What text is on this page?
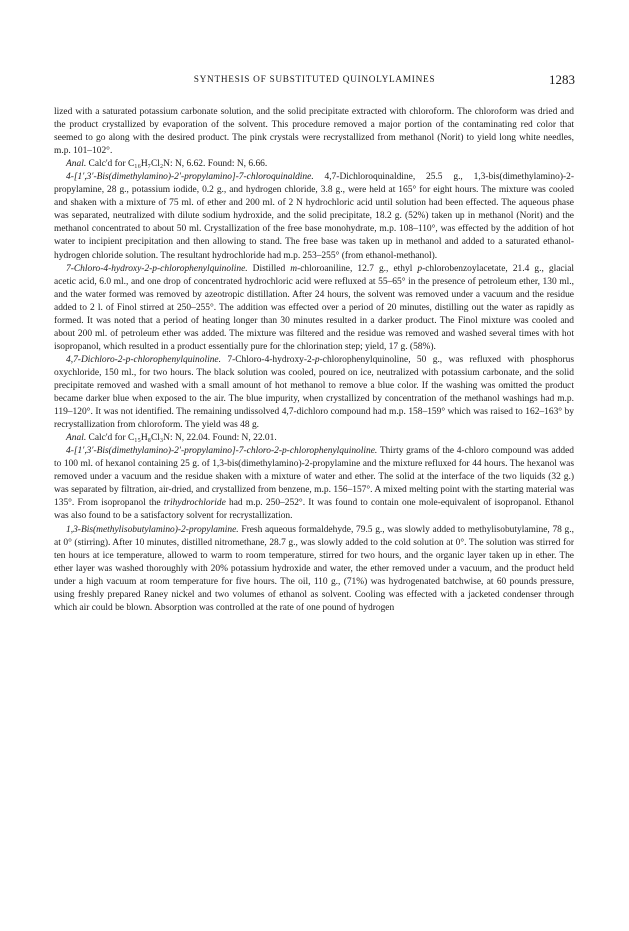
SYNTHESIS OF SUBSTITUTED QUINOLYLAMINES	1283

lized with a saturated potassium carbonate solution, and the solid precipitate extracted with chloroform. The chloroform was dried and the product crystallized by evaporation of the solvent. This procedure removed a major portion of the contaminating red color that seemed to go along with the desired product. The pink crystals were recrystallized from methanol (Norit) to yield long white needles, m.p. 101–102°.

Anal. Calc'd for C₁₆H₇Cl₂N: N, 6.62. Found: N, 6.66.

4-[1′,3′-Bis(dimethylamino)-2′-propylamino]-7-chloroquinaldine. 4,7-Dichloroquinaldine, 25.5 g., 1,3-bis(dimethylamino)-2-propylamine, 28 g., potassium iodide, 0.2 g., and hydrogen chloride, 3.8 g., were held at 165° for eight hours. The mixture was cooled and shaken with a mixture of 75 ml. of ether and 200 ml. of 2 N hydrochloric acid until solution had been effected. The aqueous phase was separated, neutralized with dilute sodium hydroxide, and the solid precipitate, 18.2 g. (52%) taken up in methanol (Norit) and the methanol concentrated to about 50 ml. Crystallization of the free base monohydrate, m.p. 108–110°, was effected by the addition of hot water to incipient precipitation and then allowing to stand. The free base was taken up in methanol and added to a saturated ethanol-hydrogen chloride solution. The resultant hydrochloride had m.p. 253–255° (from ethanol-methanol).

7-Chloro-4-hydroxy-2-p-chlorophenylquinoline. Distilled m-chloroaniline, 12.7 g., ethyl p-chlorobenzoylacetate, 21.4 g., glacial acetic acid, 6.0 ml., and one drop of concentrated hydrochloric acid were refluxed at 55–65° in the presence of petroleum ether, 130 ml., and the water formed was removed by azeotropic distillation. After 24 hours, the solvent was removed under a vacuum and the residue added to 2 l. of Finol stirred at 250–255°. The addition was effected over a period of 20 minutes, distilling out the water as rapidly as formed. It was noted that a period of heating longer than 30 minutes resulted in a darker product. The Finol mixture was cooled and about 200 ml. of petroleum ether was added. The mixture was filtered and the residue was removed and washed several times with hot isopropanol, which resulted in a product essentially pure for the chlorination step; yield, 17 g. (58%).

4,7-Dichloro-2-p-chlorophenylquinoline. 7-Chloro-4-hydroxy-2-p-chlorophenylquinoline, 50 g., was refluxed with phosphorus oxychloride, 150 ml., for two hours. The black solution was cooled, poured on ice, neutralized with potassium carbonate, and the solid precipitate removed and washed with a small amount of hot methanol to remove a blue color. If the washing was omitted the product became darker blue when exposed to the air. The blue impurity, when crystallized by concentration of the methanol washings had m.p. 119–120°. It was not identified. The remaining undissolved 4,7-dichloro compound had m.p. 158–159° which was raised to 162–163° by recrystallization from chloroform. The yield was 48 g.

Anal. Calc'd for C₁₅H₈Cl₃N: N, 22.04. Found: N, 22.01.

4-[1′,3′-Bis(dimethylamino)-2′-propylamino]-7-chloro-2-p-chlorophenylquinoline. Thirty grams of the 4-chloro compound was added to 100 ml. of hexanol containing 25 g. of 1,3-bis(dimethylamino)-2-propylamine and the mixture refluxed for 44 hours. The hexanol was removed under a vacuum and the residue shaken with a mixture of water and ether. The solid at the interface of the two liquids (32 g.) was separated by filtration, air-dried, and crystallized from benzene, m.p. 156–157°. A mixed melting point with the starting material was 135°. From isopropanol the trihydrochloride had m.p. 250–252°. It was found to contain one mole-equivalent of isopropanol. Ethanol was also found to be a satisfactory solvent for recrystallization.

1,3-Bis(methylisobutylamino)-2-propylamine. Fresh aqueous formaldehyde, 79.5 g., was slowly added to methylisobutylamine, 78 g., at 0° (stirring). After 10 minutes, distilled nitromethane, 28.7 g., was slowly added to the cold solution at 0°. The solution was stirred for ten hours at ice temperature, allowed to warm to room temperature, stirred for two hours, and the organic layer taken up in ether. The ether layer was washed thoroughly with 20% potassium hydroxide and water, the ether removed under a vacuum, and the product held under a high vacuum at room temperature for five hours. The oil, 110 g., (71%) was hydrogenated batchwise, at 60 pounds pressure, using freshly prepared Raney nickel and two volumes of ethanol as solvent. Cooling was effected with a jacketed condenser through which air could be blown. Absorption was controlled at the rate of one pound of hydrogen
